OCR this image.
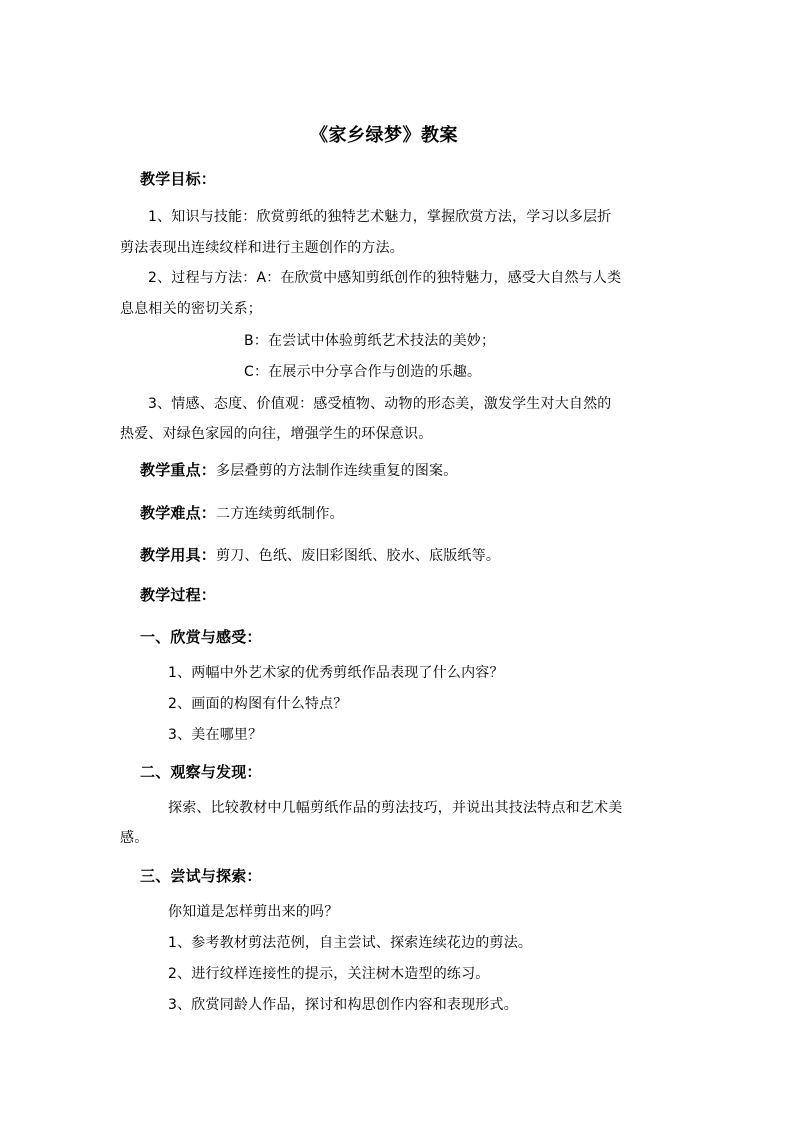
《家乡绿梦》教案
教学目标：
1、知识与技能：欣赏剪纸的独特艺术魅力，掌握欣赏方法，学习以多层折
剪法表现出连续纹样和进行主题创作的方法。
2、过程与方法：A：在欣赏中感知剪纸创作的独特魅力，感受大自然与人类
息息相关的密切关系；
B：在尝试中体验剪纸艺术技法的美妙；
C：在展示中分享合作与创造的乐趣。
3、情感、态度、价值观：感受植物、动物的形态美，激发学生对大自然的
热爱、对绿色家园的向往，增强学生的环保意识。
教学重点：多层叠剪的方法制作连续重复的图案。
教学难点：二方连续剪纸制作。
教学用具：剪刀、色纸、废旧彩图纸、胶水、底版纸等。
教学过程：
一、欣赏与感受：
1、两幅中外艺术家的优秀剪纸作品表现了什么内容？
2、画面的构图有什么特点？
3、美在哪里？
二、观察与发现：
探索、比较教材中几幅剪纸作品的剪法技巧，并说出其技法特点和艺术美
感。
三、尝试与探索：
你知道是怎样剪出来的吗？
1、参考教材剪法范例，自主尝试、探索连续花边的剪法。
2、进行纹样连接性的提示，关注树木造型的练习。
3、欣赏同龄人作品，探讨和构思创作内容和表现形式。
